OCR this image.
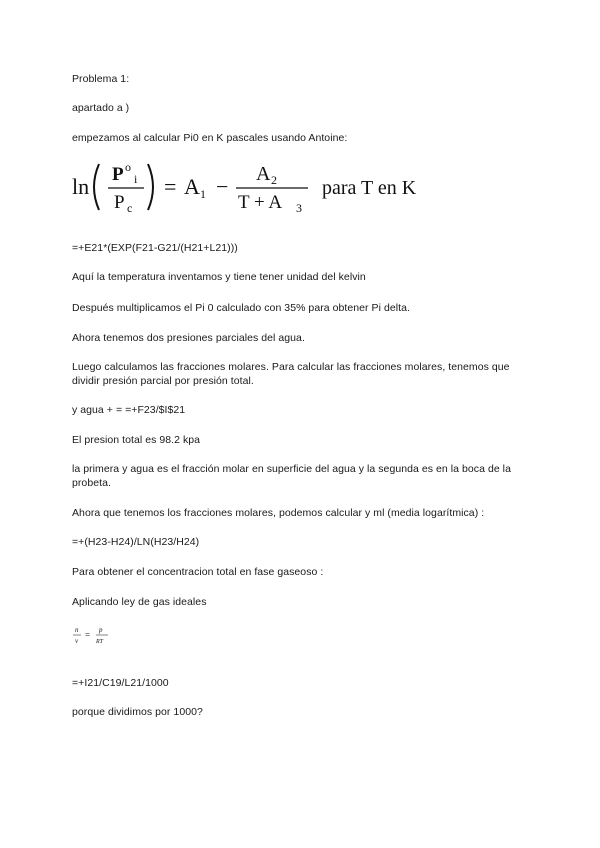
Problema 1:
apartado a )
empezamos al calcular Pi0 en K pascales usando Antoine:
ln P o
i
P c
= A 1 − A 2
T + A 3
para T en K
=+E21*(EXP(F21-G21/(H21+L21)))
Aquí la temperatura inventamos y tiene tener unidad del kelvin
Después multiplicamos el Pi 0 calculado con 35% para obtener Pi delta.
Ahora tenemos dos presiones parciales del agua.
Luego calculamos las fracciones molares. Para calcular las fracciones molares, tenemos que dividir presión parcial por presión total.
y agua + = =+F23/$I$21
El presion total es 98.2 kpa
la primera y agua es el fracción molar en superficie del agua y la segunda es en la boca de la probeta.
Ahora que tenemos los fracciones molares, podemos calcular y ml (media logarítmica) :
=+(H23-H24)/LN(H23/H24)
Para obtener el concentracion total en fase gaseoso :
Aplicando ley de gas ideales
n
v
= p
RT
=+I21/C19/L21/1000
porque dividimos por 1000?
